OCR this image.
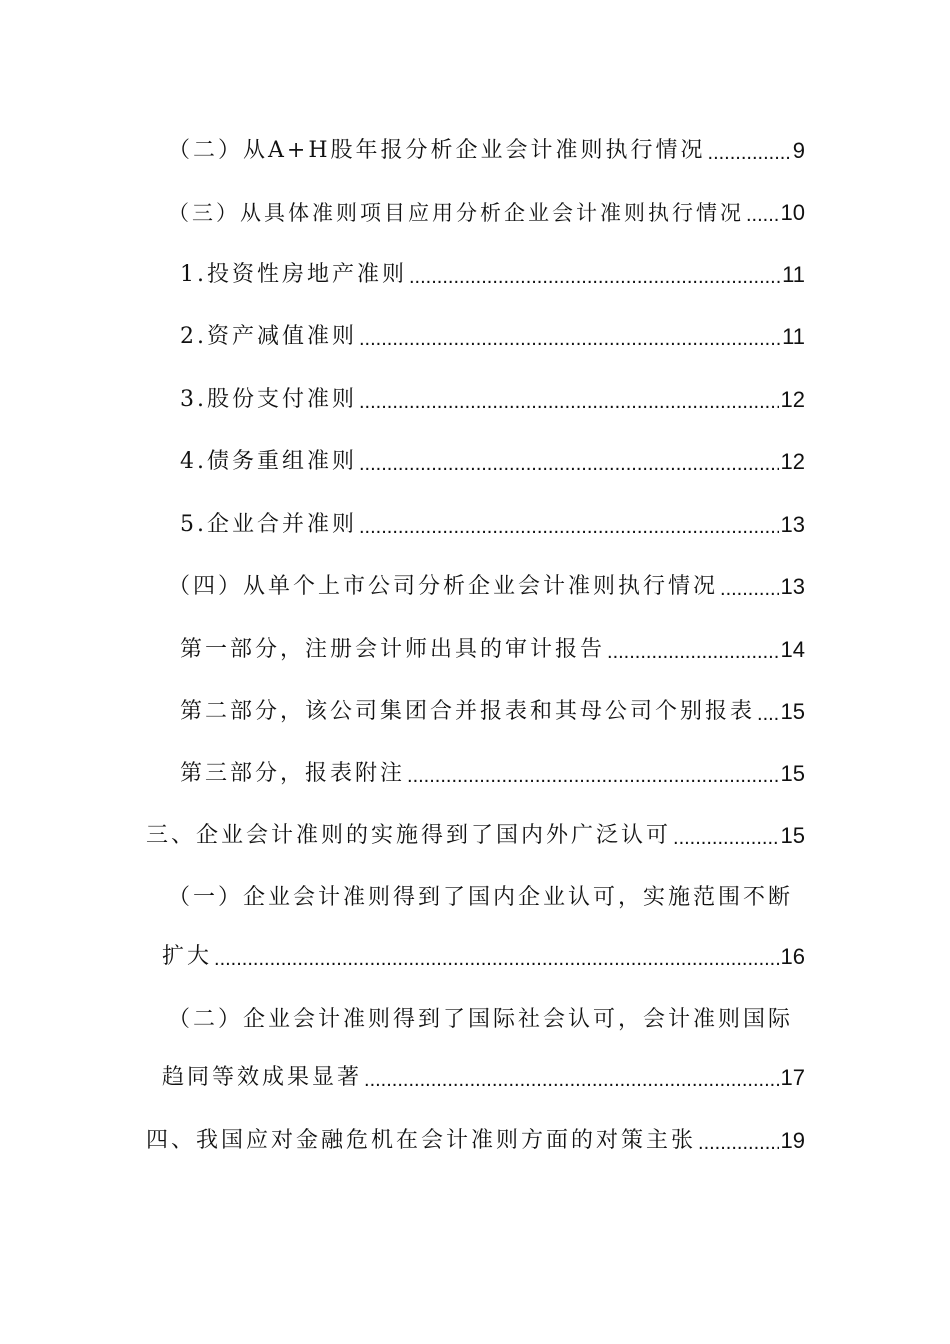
（二）从A+H股年报分析企业会计准则执行情况 .....	9
（三）从具体准则项目应用分析企业会计准则执行情况 ..... 10
1.投资性房地产准则 .....	11
2.资产减值准则 .....	11
3.股份支付准则 .....	12
4.债务重组准则 .....	12
5.企业合并准则 .....	13
（四）从单个上市公司分析企业会计准则执行情况 .....	13
第一部分，注册会计师出具的审计报告 .....	14
第二部分，该公司集团合并报表和其母公司个别报表 ..... 15
第三部分，报表附注 .....	15
三、企业会计准则的实施得到了国内外广泛认可 .....	15
（一）企业会计准则得到了国内企业认可，实施范围不断
扩大 .....	16
（二）企业会计准则得到了国际社会认可，会计准则国际
趋同等效成果显著 .....	17
四、我国应对金融危机在会计准则方面的对策主张 .....	19
